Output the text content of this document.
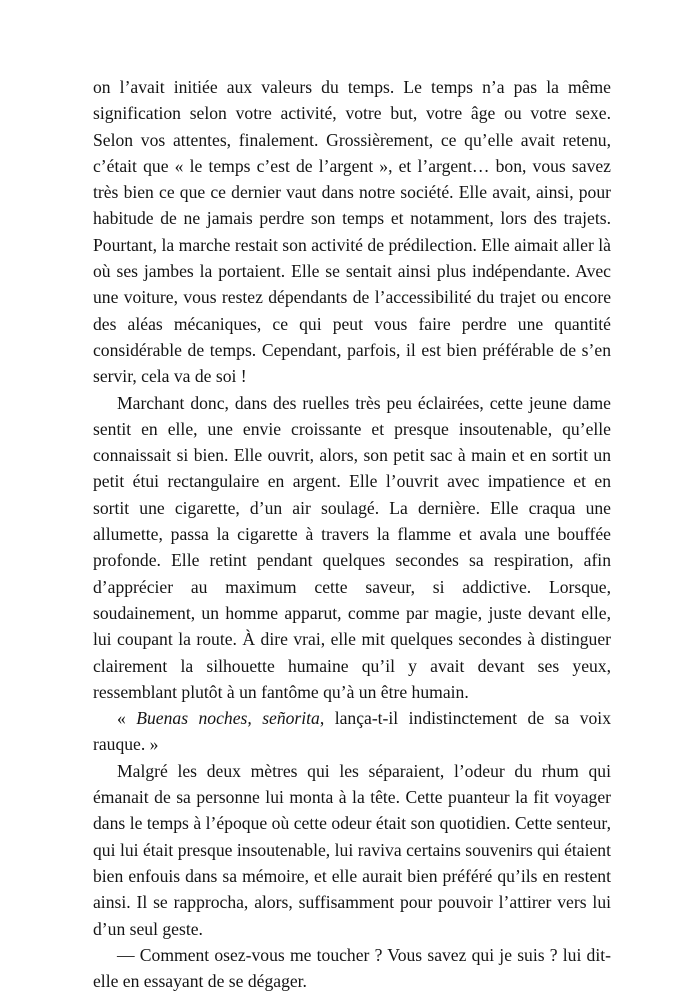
on l’avait initiée aux valeurs du temps. Le temps n’a pas la même signification selon votre activité, votre but, votre âge ou votre sexe. Selon vos attentes, finalement. Grossièrement, ce qu’elle avait retenu, c’était que « le temps c’est de l’argent », et l’argent… bon, vous savez très bien ce que ce dernier vaut dans notre société. Elle avait, ainsi, pour habitude de ne jamais perdre son temps et notamment, lors des trajets. Pourtant, la marche restait son activité de prédilection. Elle aimait aller là où ses jambes la portaient. Elle se sentait ainsi plus indépendante. Avec une voiture, vous restez dépendants de l’accessibilité du trajet ou encore des aléas mécaniques, ce qui peut vous faire perdre une quantité considérable de temps. Cependant, parfois, il est bien préférable de s’en servir, cela va de soi !

Marchant donc, dans des ruelles très peu éclairées, cette jeune dame sentit en elle, une envie croissante et presque insoutenable, qu’elle connaissait si bien. Elle ouvrit, alors, son petit sac à main et en sortit un petit étui rectangulaire en argent. Elle l’ouvrit avec impatience et en sortit une cigarette, d’un air soulagé. La dernière. Elle craqua une allumette, passa la cigarette à travers la flamme et avala une bouffée profonde. Elle retint pendant quelques secondes sa respiration, afin d’apprécier au maximum cette saveur, si addictive. Lorsque, soudainement, un homme apparut, comme par magie, juste devant elle, lui coupant la route. À dire vrai, elle mit quelques secondes à distinguer clairement la silhouette humaine qu’il y avait devant ses yeux, ressemblant plutôt à un fantôme qu’à un être humain.

« Buenas noches, señorita, lança-t-il indistinctement de sa voix rauque. »

Malgré les deux mètres qui les séparaient, l’odeur du rhum qui émanait de sa personne lui monta à la tête. Cette puanteur la fit voyager dans le temps à l’époque où cette odeur était son quotidien. Cette senteur, qui lui était presque insoutenable, lui raviva certains souvenirs qui étaient bien enfouis dans sa mémoire, et elle aurait bien préféré qu’ils en restent ainsi. Il se rapprocha, alors, suffisamment pour pouvoir l’attirer vers lui d’un seul geste.

— Comment osez-vous me toucher ? Vous savez qui je suis ? lui dit-elle en essayant de se dégager.
